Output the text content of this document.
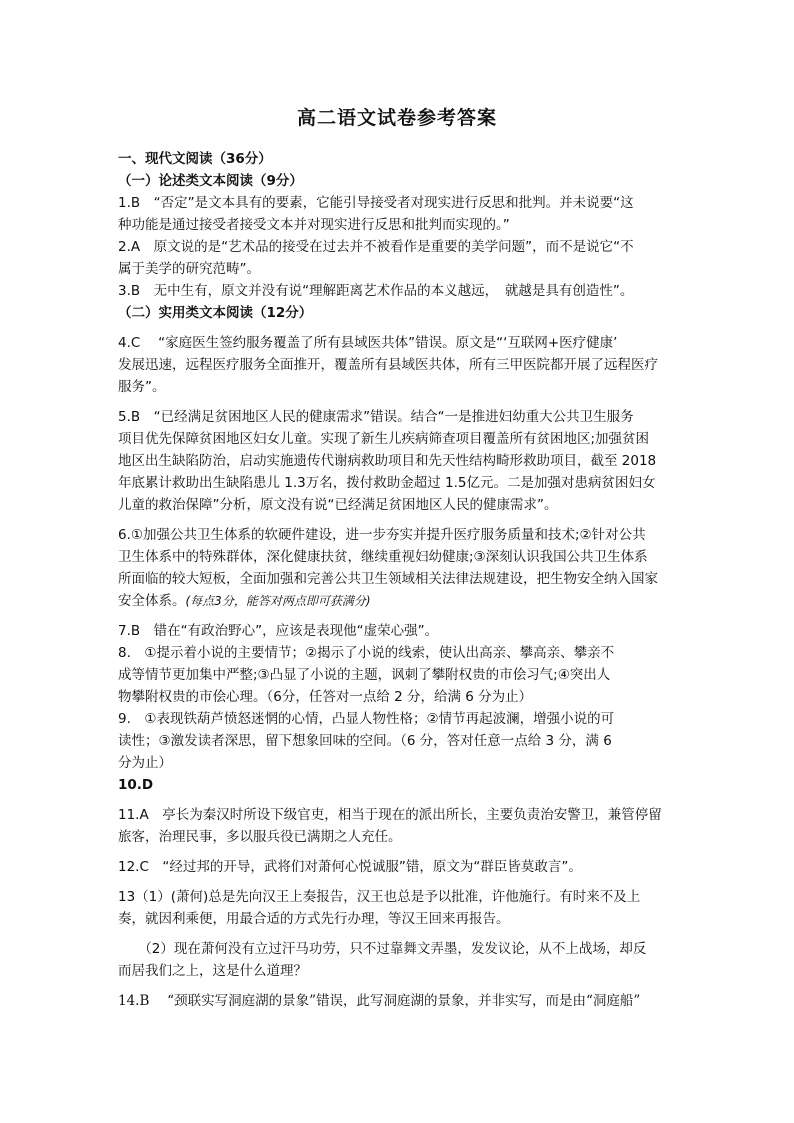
高二语文试卷参考答案
一、现代文阅读（36分）
（一）论述类文本阅读（9分）
1.B　“否定”是文本具有的要素，它能引导接受者对现实进行反思和批判。并未说要“这
种功能是通过接受者接受文本并对现实进行反思和批判而实现的。”
2.A　原文说的是“艺术品的接受在过去并不被看作是重要的美学问题”，而不是说它“不
属于美学的研究范畴”。
3.B　无中生有，原文并没有说“理解距离艺术作品的本义越远，　就越是具有创造性”。
（二）实用类文本阅读（12分）
4.C　 “家庭医生签约服务覆盖了所有县域医共体”错误。原文是“‘互联网+医疗健康’
发展迅速，远程医疗服务全面推开，覆盖所有县域医共体，所有三甲医院都开展了远程医疗
服务”。
5.B　“已经满足贫困地区人民的健康需求”错误。结合“一是推进妇幼重大公共卫生服务
项目优先保障贫困地区妇女儿童。实现了新生儿疾病筛查项目覆盖所有贫困地区;加强贫困
地区出生缺陷防治，启动实施遗传代谢病救助项目和先天性结构畸形救助项目，截至 2018
年底累计救助出生缺陷患儿 1.3万名，拨付救助金超过 1.5亿元。二是加强对患病贫困妇女
儿童的救治保障”分析，原文没有说“已经满足贫困地区人民的健康需求”。
6.①加强公共卫生体系的软硬件建设，进一步夯实并提升医疗服务质量和技术;②针对公共
卫生体系中的特殊群体，深化健康扶贫，继续重视妇幼健康;③深刻认识我国公共卫生体系
所面临的较大短板，全面加强和完善公共卫生领域相关法律法规建设，把生物安全纳入国家
安全体系。(每点3分，能答对两点即可获满分)
7.B　错在“有政治野心”，应该是表现他“虚荣心强”。
8.　①提示着小说的主要情节；②揭示了小说的线索，使认出高亲、攀高亲、攀亲不
成等情节更加集中严整;③凸显了小说的主题，讽刺了攀附权贵的市侩习气;④突出人
物攀附权贵的市侩心理。（6分，任答对一点给 2 分，给满 6 分为止）
9.　①表现铁葫芦愤怒迷惘的心情，凸显人物性格；②情节再起波澜，增强小说的可
读性；③激发读者深思，留下想象回味的空间。（6 分，答对任意一点给 3 分，满 6
分为止）
10.D
11.A　亭长为秦汉时所设下级官吏，相当于现在的派出所长，主要负责治安警卫，兼管停留
旅客，治理民事，多以服兵役已满期之人充任。
12.C　“经过邦的开导，武将们对萧何心悦诚服”错，原文为“群臣皆莫敢言”。
13（1）(萧何)总是先向汉王上奏报告，汉王也总是予以批准，许他施行。有时来不及上
奏，就因利乘便，用最合适的方式先行办理，等汉王回来再报告。
　　（2）现在萧何没有立过汗马功劳，只不过靠舞文弄墨，发发议论，从不上战场，却反
而居我们之上，这是什么道理？
14.B　 “颈联实写洞庭湖的景象”错误，此写洞庭湖的景象，并非实写，而是由“洞庭船”
